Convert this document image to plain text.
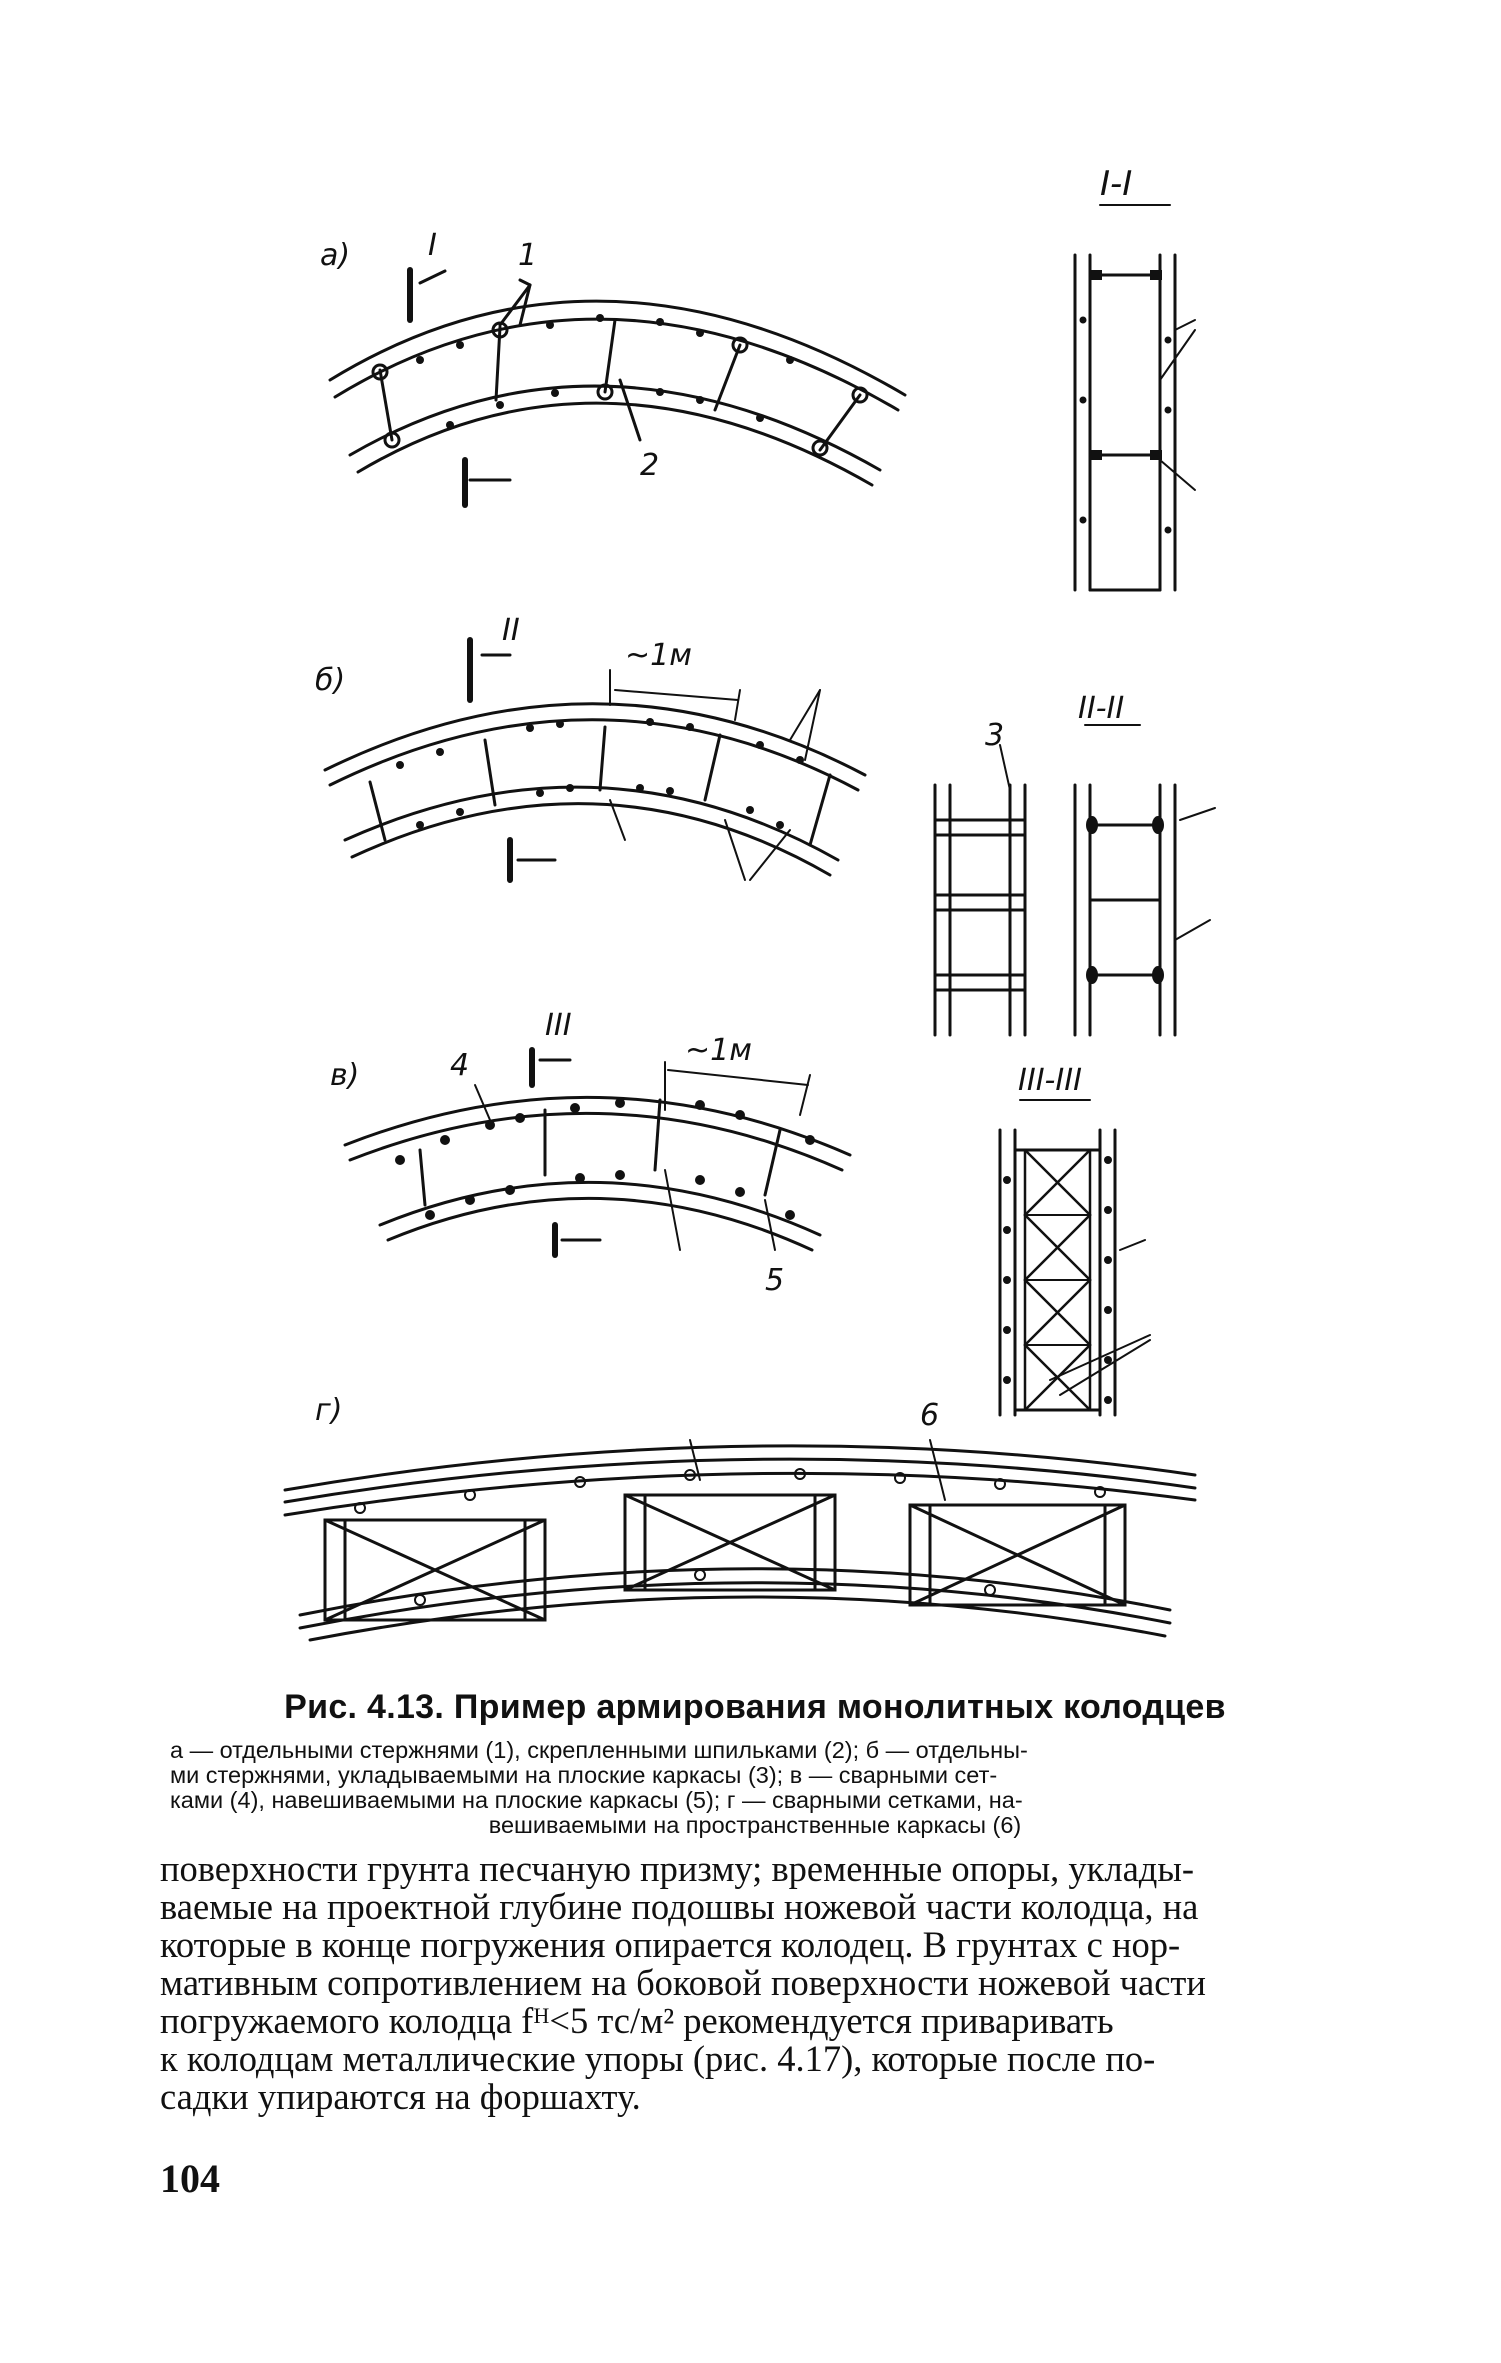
а)
б)
в)
г)
I-I
II-II
III-III
I
II
III
~1м
~1м
1
2
3
4
5
6
Рис. 4.13. Пример армирования монолитных колодцев
а — отдельными стержнями (1), скрепленными шпильками (2); б — отдельны-
ми стержнями, укладываемыми на плоские каркасы (3); в — сварными сет-
ками (4), навешиваемыми на плоские каркасы (5); г — сварными сетками, на-
вешиваемыми на пространственные каркасы (6)

поверхности грунта песчаную призму; временные опоры, уклады-

ваемые на проектной глубине подошвы ножевой части колодца, на

которые в конце погружения опирается колодец. В грунтах с нор-

мативным сопротивлением на боковой поверхности ножевой части

погружаемого колодца fᴴ<5 тс/м² рекомендуется приваривать

к колодцам металлические упоры (рис. 4.17), которые после по-

садки упираются на форшахту.

104
